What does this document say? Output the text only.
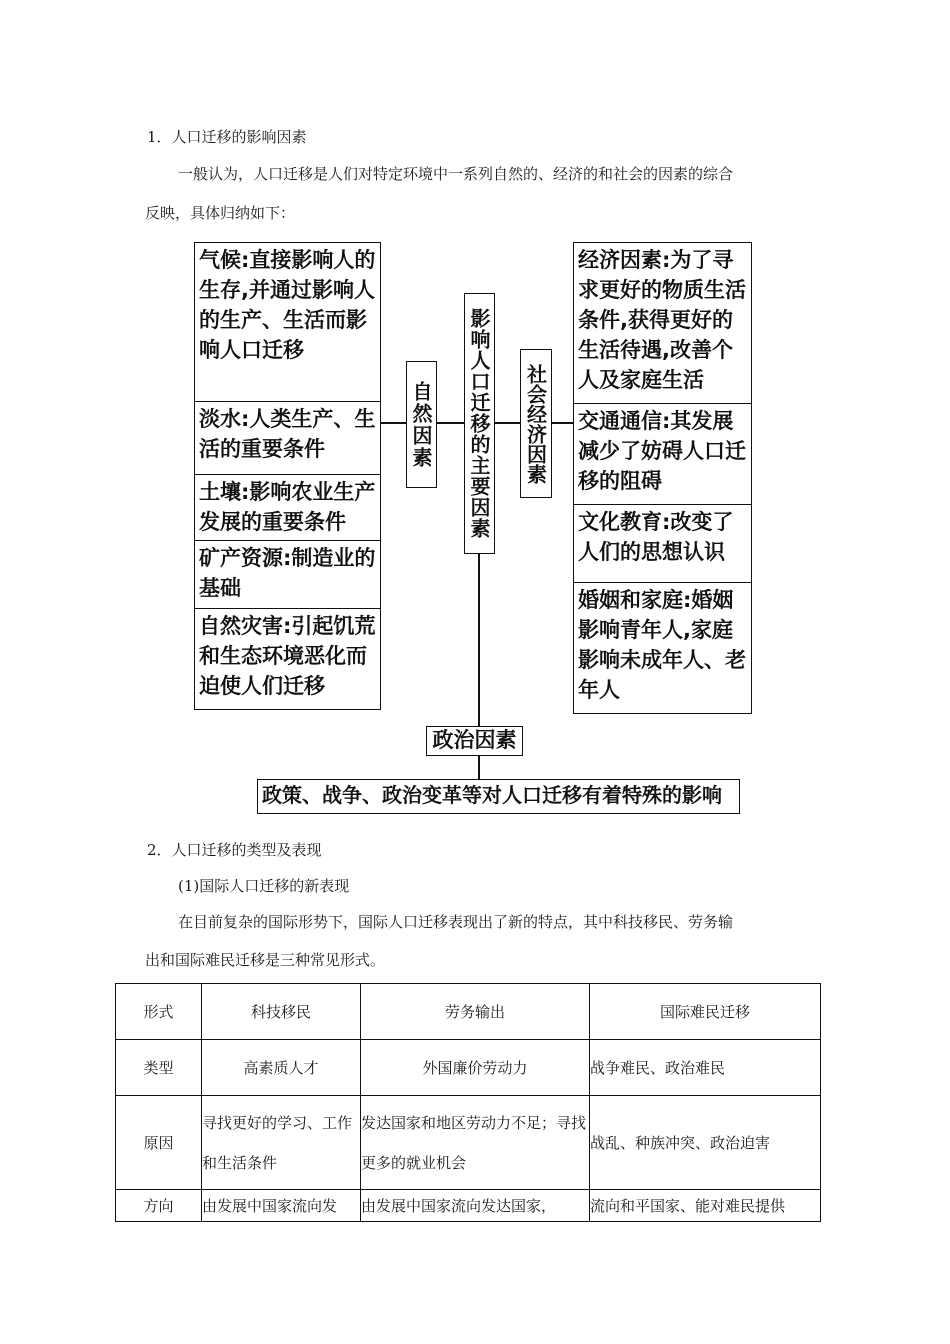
1．人口迁移的影响因素
一般认为，人口迁移是人们对特定环境中一系列自然的、经济的和社会的因素的综合
反映，具体归纳如下：
气候:直接影响人的生存,并通过影响人的生产、生活而影响人口迁移
淡水:人类生产、生活的重要条件
土壤:影响农业生产发展的重要条件
矿产资源:制造业的基础
自然灾害:引起饥荒和生态环境恶化而迫使人们迁移
自然因素 影响人口迁移的主要因素 社会经济因素
经济因素:为了寻求更好的物质生活条件,获得更好的生活待遇,改善个人及家庭生活
交通通信:其发展减少了妨碍人口迁移的阻碍
文化教育:改变了人们的思想认识
婚姻和家庭:婚姻影响青年人,家庭影响未成年人、老年人
政治因素
政策、战争、政治变革等对人口迁移有着特殊的影响
2．人口迁移的类型及表现
(1)国际人口迁移的新表现
在目前复杂的国际形势下，国际人口迁移表现出了新的特点，其中科技移民、劳务输
出和国际难民迁移是三种常见形式。
形式	科技移民	劳务输出	国际难民迁移
类型	高素质人才	外国廉价劳动力	战争难民、政治难民
原因	寻找更好的学习、工作和生活条件	发达国家和地区劳动力不足；寻找更多的就业机会	战乱、种族冲突、政治迫害
方向	由发展中国家流向发	由发展中国家流向发达国家，	流向和平国家、能对难民提供
